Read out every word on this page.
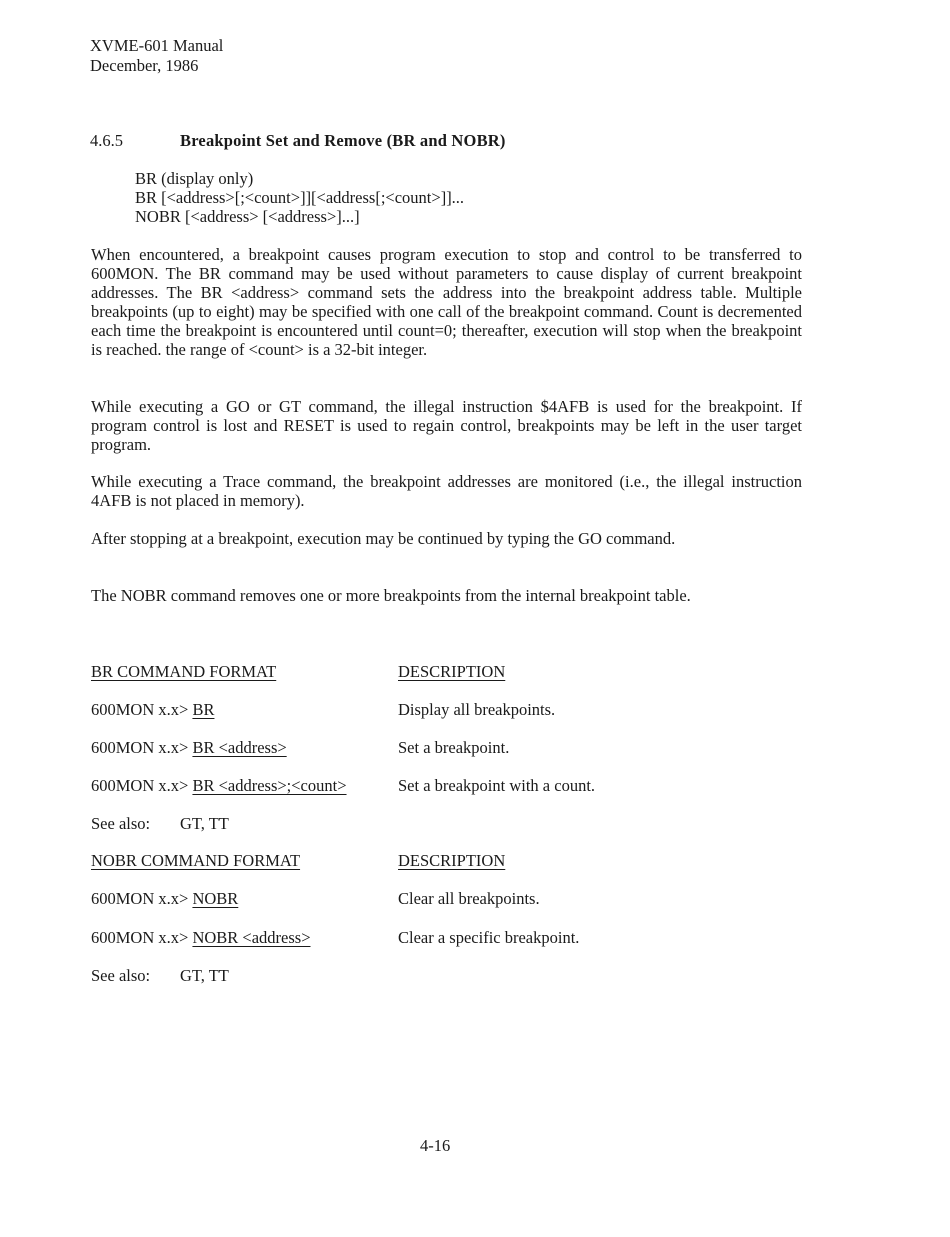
XVME-601 Manual
December, 1986
4.6.5	Breakpoint Set and Remove (BR and NOBR)
BR (display only)
BR [<address>[;<count>]][<address[;<count>]]...
NOBR [<address> [<address>]...]

When encountered, a breakpoint causes program execution to stop and control to be transferred to 600MON. The BR command may be used without parameters to cause display of current breakpoint addresses. The BR <address> command sets the address into the breakpoint address table. Multiple breakpoints (up to eight) may be specified with one call of the breakpoint command. Count is decremented each time the breakpoint is encountered until count=0; thereafter, execution will stop when the breakpoint is reached. the range of <count> is a 32-bit integer.

While executing a GO or GT command, the illegal instruction $4AFB is used for the breakpoint. If program control is lost and RESET is used to regain control, breakpoints may be left in the user target program.

While executing a Trace command, the breakpoint addresses are monitored (i.e., the illegal instruction 4AFB is not placed in memory).

After stopping at a breakpoint, execution may be continued by typing the GO command.

The NOBR command removes one or more breakpoints from the internal breakpoint table.

BR COMMAND FORMAT	DESCRIPTION
600MON x.x> BR	Display all breakpoints.
600MON x.x> BR <address>	Set a breakpoint.
600MON x.x> BR <address>;<count>	Set a breakpoint with a count.
See also: GT, TT
NOBR COMMAND FORMAT	DESCRIPTION
600MON x.x> NOBR	Clear all breakpoints.
600MON x.x> NOBR <address>	Clear a specific breakpoint.
See also: GT, TT
4-16
